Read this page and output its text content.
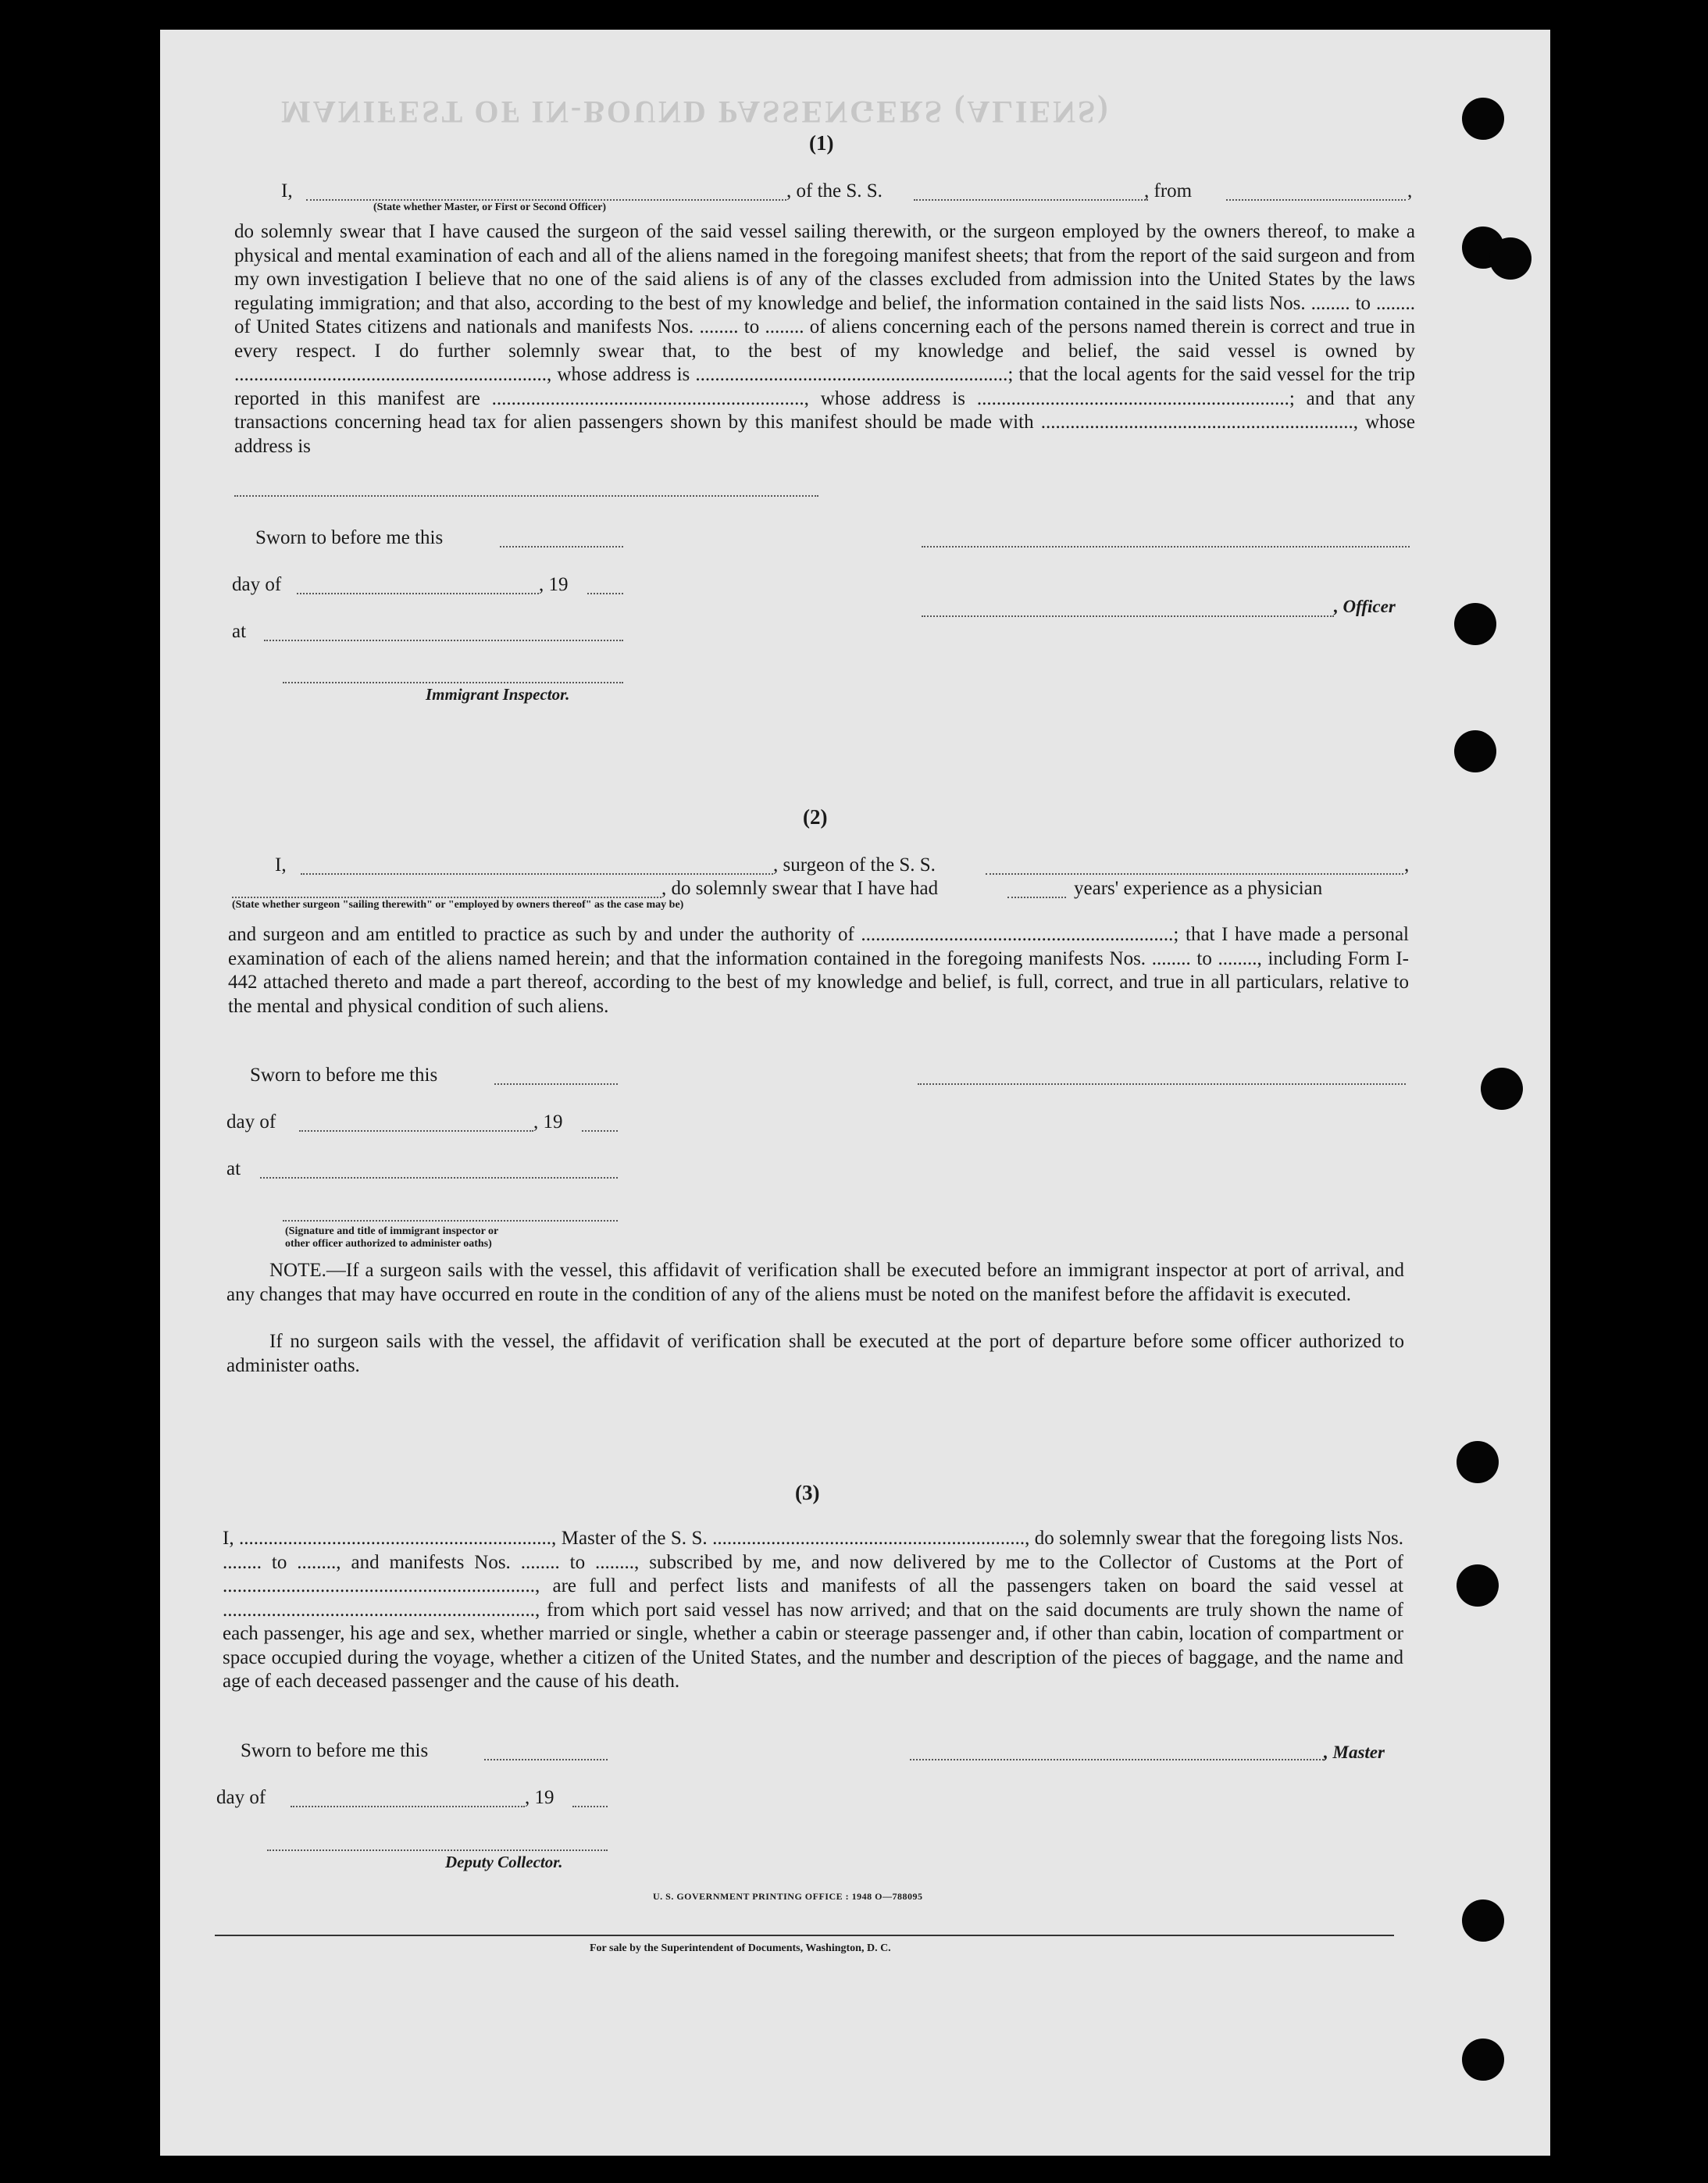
MANIFEST OF IN-BOUND PASSENGERS (ALIENS)
(1)
I,	, of the S. S.	, from	,
(State whether Master, or First or Second Officer)
do solemnly swear that I have caused the surgeon of the said vessel sailing therewith, or the surgeon employed by the owners thereof, to make a physical and mental examination of each and all of the aliens named in the foregoing manifest sheets; that from the report of the said surgeon and from my own investigation I believe that no one of the said aliens is of any of the classes excluded from admission into the United States by the laws regulating immigration; and that also, according to the best of my knowledge and belief, the information contained in the said lists Nos. ........ to ........ of United States citizens and nationals and manifests Nos. ........ to ........ of aliens concerning each of the persons named therein is correct and true in every respect. I do further solemnly swear that, to the best of my knowledge and belief, the said vessel is owned by ................................................................, whose address is ................................................................; that the local agents for the said vessel for the trip reported in this manifest are ................................................................, whose address is ................................................................; and that any transactions concerning head tax for alien passengers shown by this manifest should be made with ................................................................, whose address is
Sworn to before me this
day of	, 19
, Officer
at
Immigrant Inspector.
(2)
I,	, surgeon of the S. S.	,
, do solemnly swear that I have had	years' experience as a physician
(State whether surgeon "sailing therewith" or "employed by owners thereof" as the case may be)
and surgeon and am entitled to practice as such by and under the authority of ................................................................; that I have made a personal examination of each of the aliens named herein; and that the information contained in the foregoing manifests Nos. ........ to ........, including Form I-442 attached thereto and made a part thereof, according to the best of my knowledge and belief, is full, correct, and true in all particulars, relative to the mental and physical condition of such aliens.
Sworn to before me this
day of	, 19
at
(Signature and title of immigrant inspector or
other officer authorized to administer oaths)
NOTE.—If a surgeon sails with the vessel, this affidavit of verification shall be executed before an immigrant inspector at port of arrival, and any changes that may have occurred en route in the condition of any of the aliens must be noted on the manifest before the affidavit is executed.
If no surgeon sails with the vessel, the affidavit of verification shall be executed at the port of departure before some officer authorized to administer oaths.
(3)
I, ................................................................, Master of the S. S. ................................................................, do solemnly swear that the foregoing lists Nos. ........ to ........, and manifests Nos. ........ to ........, subscribed by me, and now delivered by me to the Collector of Customs at the Port of ................................................................, are full and perfect lists and manifests of all the passengers taken on board the said vessel at ................................................................, from which port said vessel has now arrived; and that on the said documents are truly shown the name of each passenger, his age and sex, whether married or single, whether a cabin or steerage passenger and, if other than cabin, location of compartment or space occupied during the voyage, whether a citizen of the United States, and the number and description of the pieces of baggage, and the name and age of each deceased passenger and the cause of his death.
Sworn to before me this	, Master
day of	, 19
Deputy Collector.
U. S. GOVERNMENT PRINTING OFFICE : 1948 O—788095
For sale by the Superintendent of Documents, Washington, D. C.
